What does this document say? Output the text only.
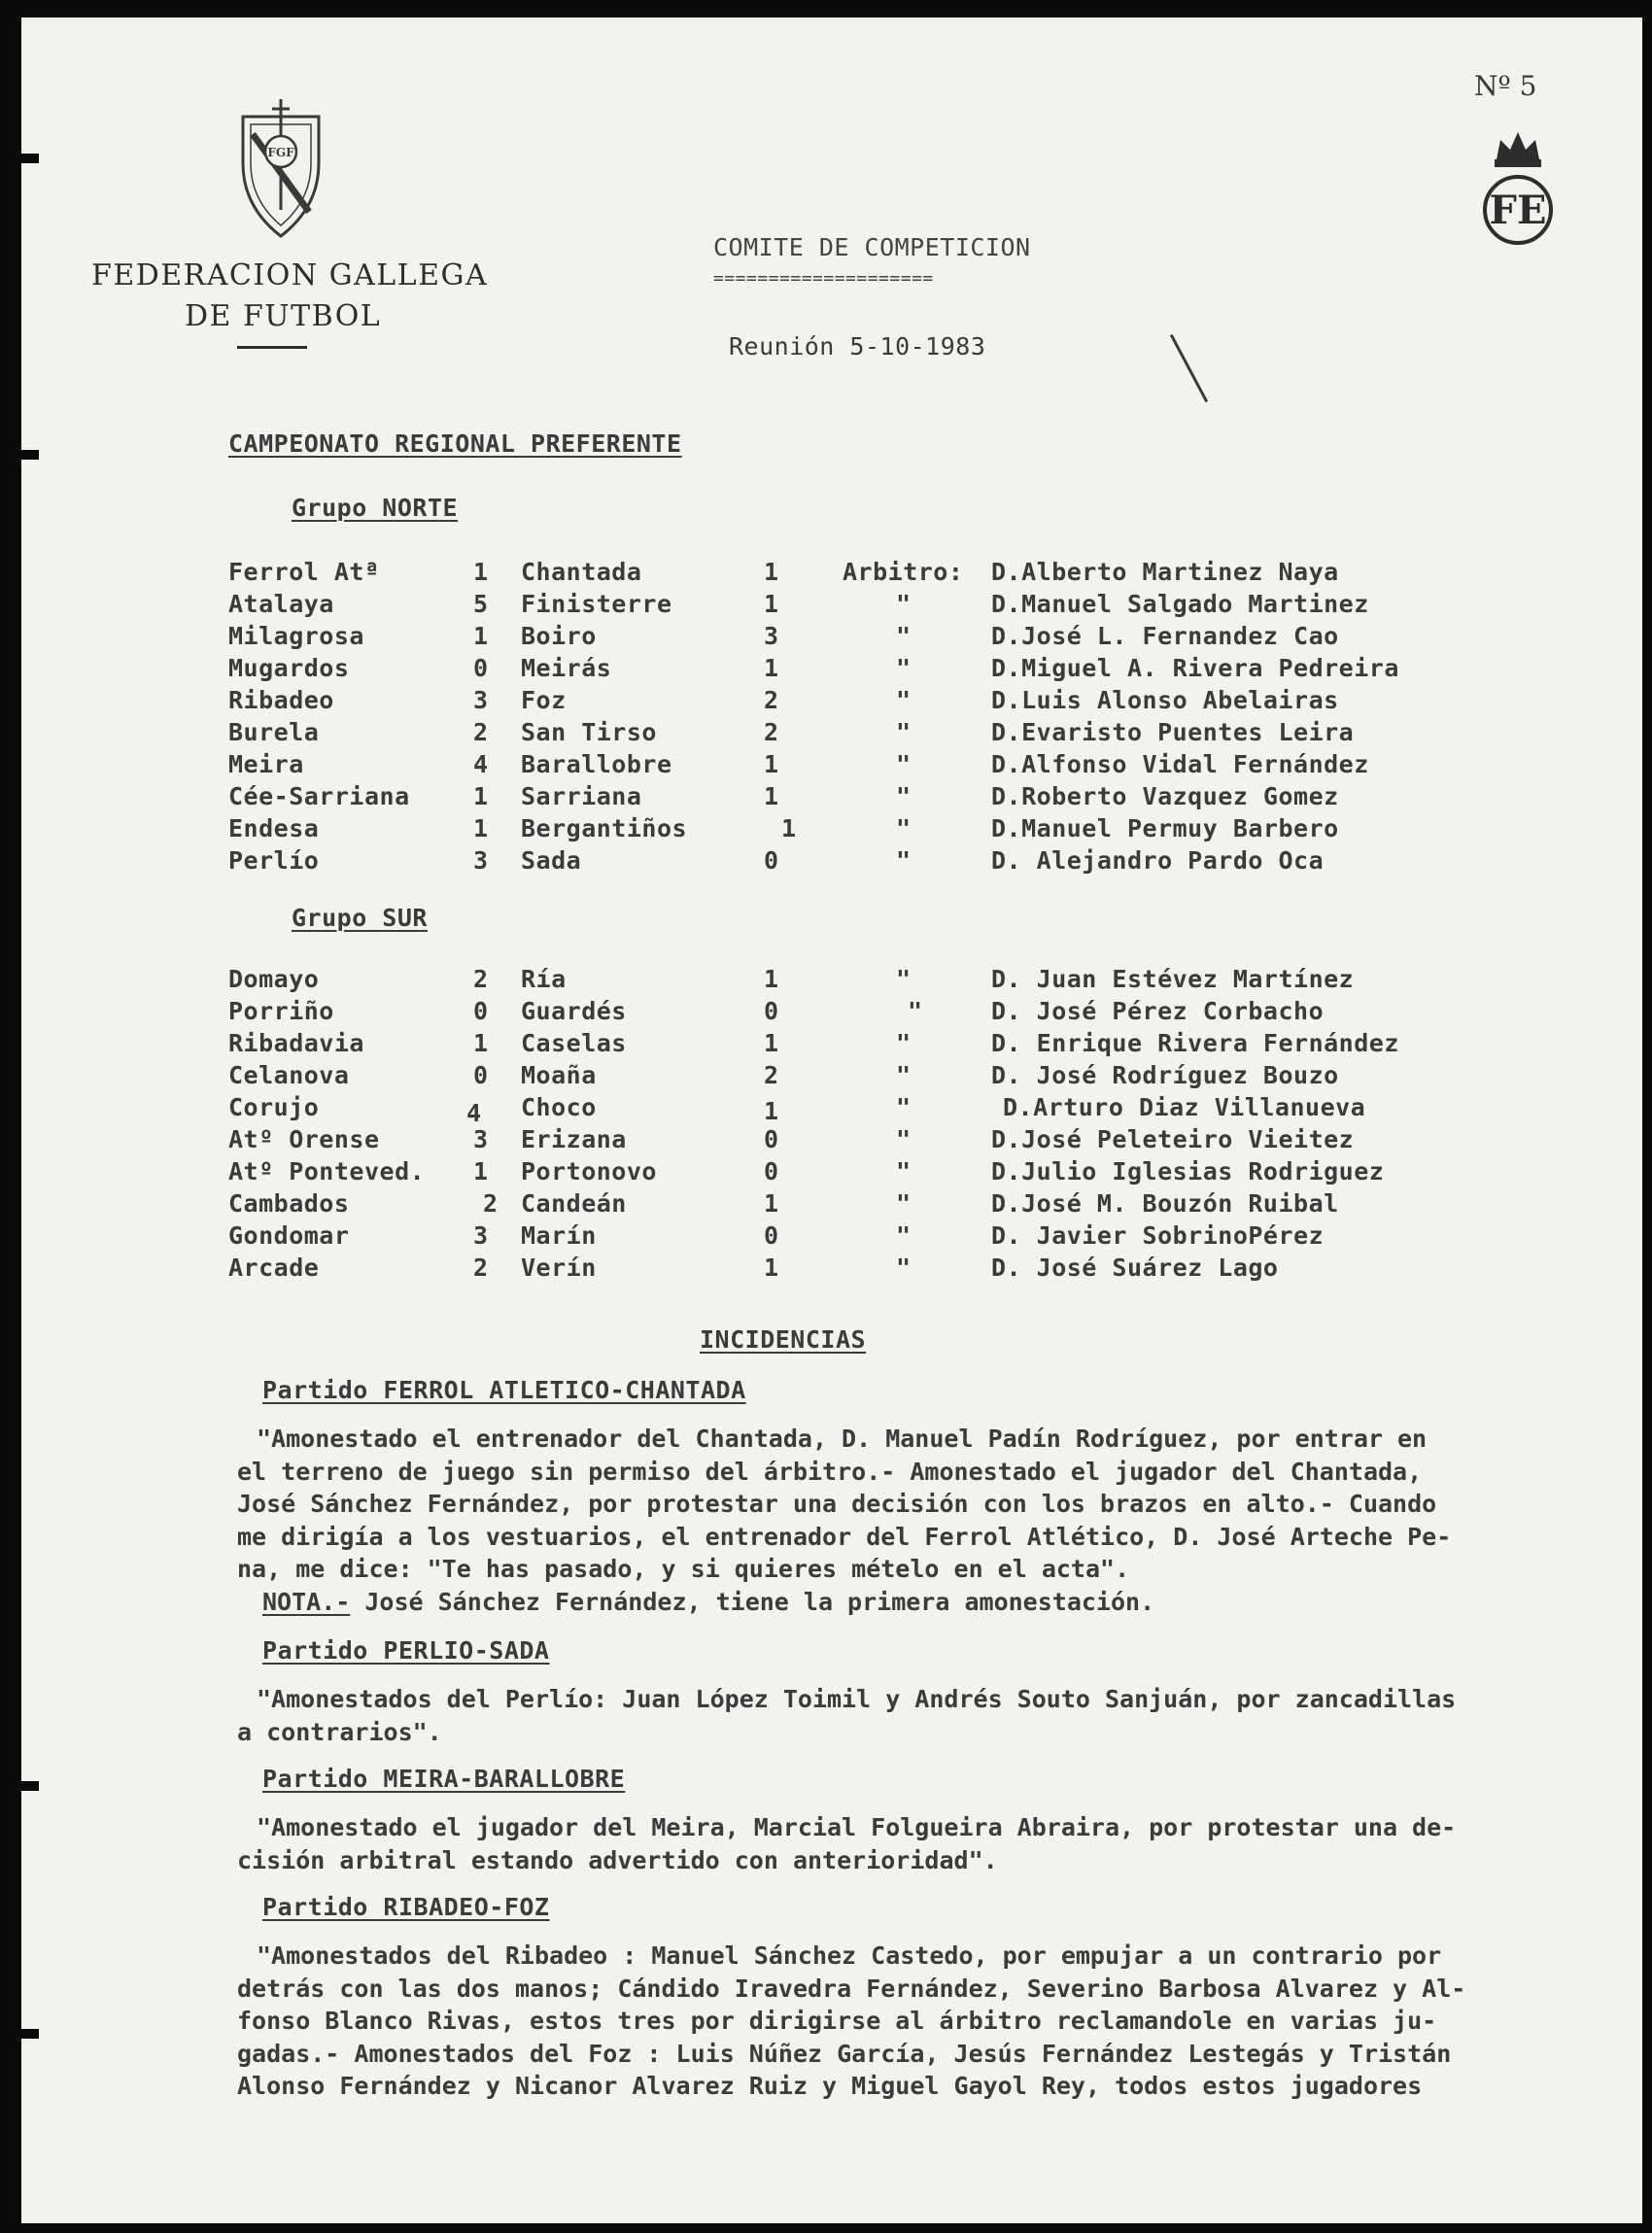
FGF
FEDERACION GALLEGA
DE FUTBOL
Nº 5
FE
COMITE DE COMPETICION
====================
Reunión 5-10-1983
CAMPEONATO REGIONAL PREFERENTE
Grupo NORTE
Ferrol Atª	1 Chantada	1	Arbitro: D.Alberto Martinez Naya
Atalaya	5 Finisterre	1	"	D.Manuel Salgado Martinez
Milagrosa	1 Boiro	3	"	D.José L. Fernandez Cao
Mugardos	0 Meirás	1	"	D.Miguel A. Rivera Pedreira
Ribadeo	3 Foz	2	"	D.Luis Alonso Abelairas
Burela	2 San Tirso	2	"	D.Evaristo Puentes Leira
Meira	4 Barallobre	1	"	D.Alfonso Vidal Fernández
Cée-Sarriana	1 Sarriana	1	"	D.Roberto Vazquez Gomez
Endesa	1 Bergantiños	1	"	D.Manuel Permuy Barbero
Perlío	3 Sada	0	"	D. Alejandro Pardo Oca
Grupo SUR
Domayo	2 Ría	1	"	D. Juan Estévez Martínez
Porriño	0 Guardés	0	"	D. José Pérez Corbacho
Ribadavia	1 Caselas	1	"	D. Enrique Rivera Fernández
Celanova	0 Moaña	2	"	D. José Rodríguez Bouzo
Corujo	4 Choco	1	"	D.Arturo Diaz Villanueva
Atº Orense	3 Erizana	0	"	D.José Peleteiro Vieitez
Atº Ponteved. 1 Portonovo	0	"	D.Julio Iglesias Rodriguez
Cambados	2 Candeán	1	"	D.José M. Bouzón Ruibal
Gondomar	3 Marín	0	"	D. Javier SobrinoPérez
Arcade	2 Verín	1	"	D. José Suárez Lago
INCIDENCIAS
Partido FERROL ATLETICO-CHANTADA
"Amonestado el entrenador del Chantada, D. Manuel Padín Rodríguez, por entrar en
el terreno de juego sin permiso del árbitro.- Amonestado el jugador del Chantada,
José Sánchez Fernández, por protestar una decisión con los brazos en alto.- Cuando
me dirigía a los vestuarios, el entrenador del Ferrol Atlético, D. José Arteche Pe-
na, me dice: "Te has pasado, y si quieres mételo en el acta".
NOTA.- José Sánchez Fernández, tiene la primera amonestación.
Partido PERLIO-SADA
"Amonestados del Perlío: Juan López Toimil y Andrés Souto Sanjuán, por zancadillas
a contrarios".
Partido MEIRA-BARALLOBRE
"Amonestado el jugador del Meira, Marcial Folgueira Abraira, por protestar una de-
cisión arbitral estando advertido con anterioridad".
Partido RIBADEO-FOZ
"Amonestados del Ribadeo : Manuel Sánchez Castedo, por empujar a un contrario por
detrás con las dos manos; Cándido Iravedra Fernández, Severino Barbosa Alvarez y Al-
fonso Blanco Rivas, estos tres por dirigirse al árbitro reclamandole en varias ju-
gadas.- Amonestados del Foz : Luis Núñez García, Jesús Fernández Lestegás y Tristán
Alonso Fernández y Nicanor Alvarez Ruiz y Miguel Gayol Rey, todos estos jugadores
